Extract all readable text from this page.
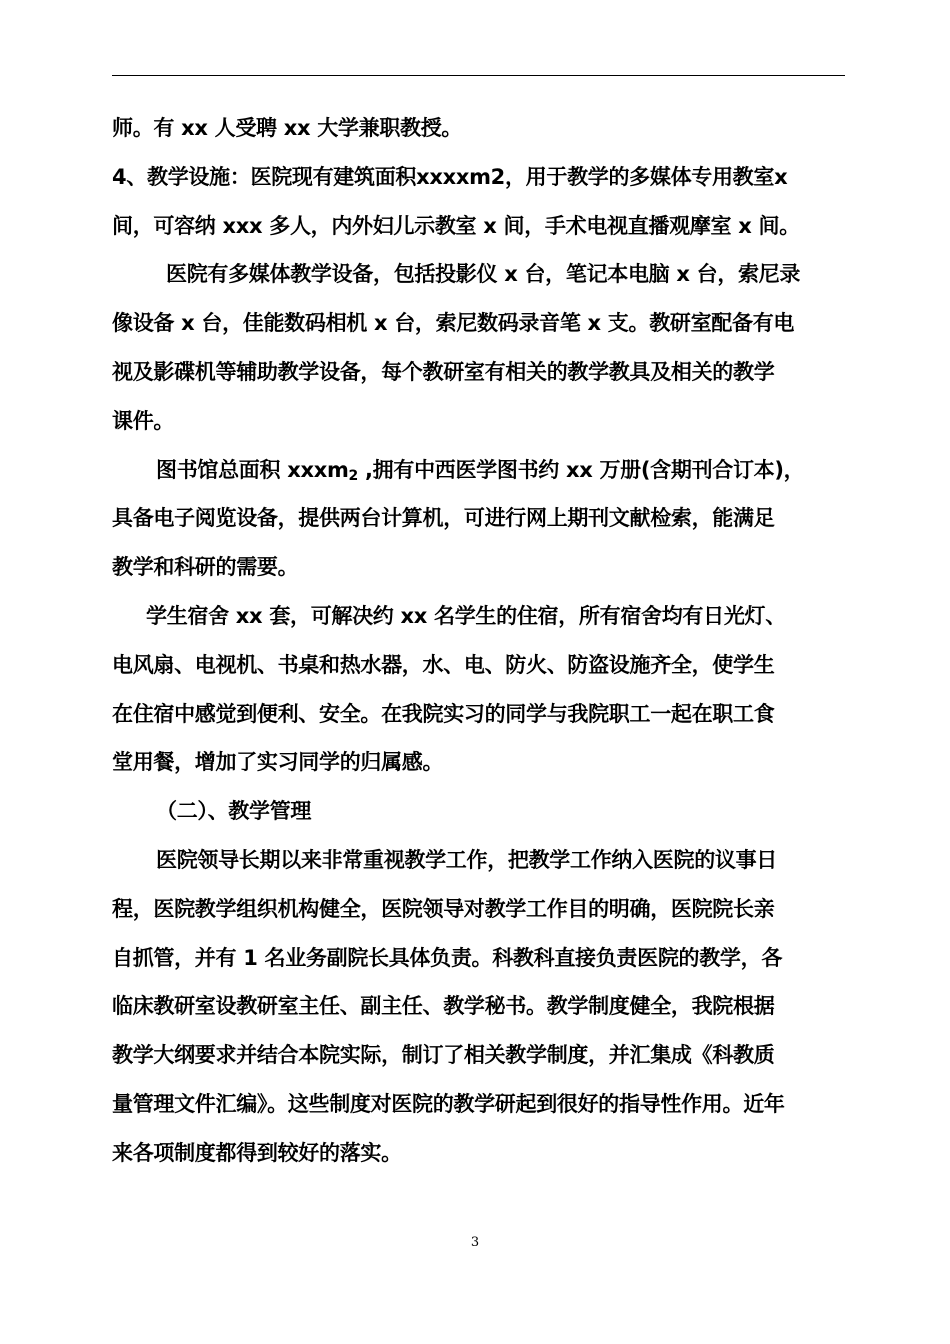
师。有 xx 人受聘 xx 大学兼职教授。
4、教学设施：医院现有建筑面积xxxxm2，用于教学的多媒体专用教室x
间，可容纳 xxx 多人，内外妇儿示教室 x 间，手术电视直播观摩室 x 间。
医院有多媒体教学设备，包括投影仪 x 台，笔记本电脑 x 台，索尼录
像设备 x 台，佳能数码相机 x 台，索尼数码录音笔 x 支。教研室配备有电
视及影碟机等辅助教学设备，每个教研室有相关的教学教具及相关的教学
课件。
图书馆总面积 xxxm$_2$ ,拥有中西医学图书约 xx 万册(含期刊合订本)，
具备电子阅览设备，提供两台计算机，可进行网上期刊文献检索，能满足
教学和科研的需要。
学生宿舍 xx 套，可解决约 xx 名学生的住宿，所有宿舍均有日光灯、
电风扇、电视机、书桌和热水器，水、电、防火、防盗设施齐全，使学生
在住宿中感觉到便利、安全。在我院实习的同学与我院职工一起在职工食
堂用餐，增加了实习同学的归属感。
（二）、教学管理
医院领导长期以来非常重视教学工作，把教学工作纳入医院的议事日
程，医院教学组织机构健全，医院领导对教学工作目的明确，医院院长亲
自抓管，并有 1 名业务副院长具体负责。科教科直接负责医院的教学，各
临床教研室设教研室主任、副主任、教学秘书。教学制度健全，我院根据
教学大纲要求并结合本院实际，制订了相关教学制度，并汇集成《科教质
量管理文件汇编》。这些制度对医院的教学研起到很好的指导性作用。近年
来各项制度都得到较好的落实。
3
